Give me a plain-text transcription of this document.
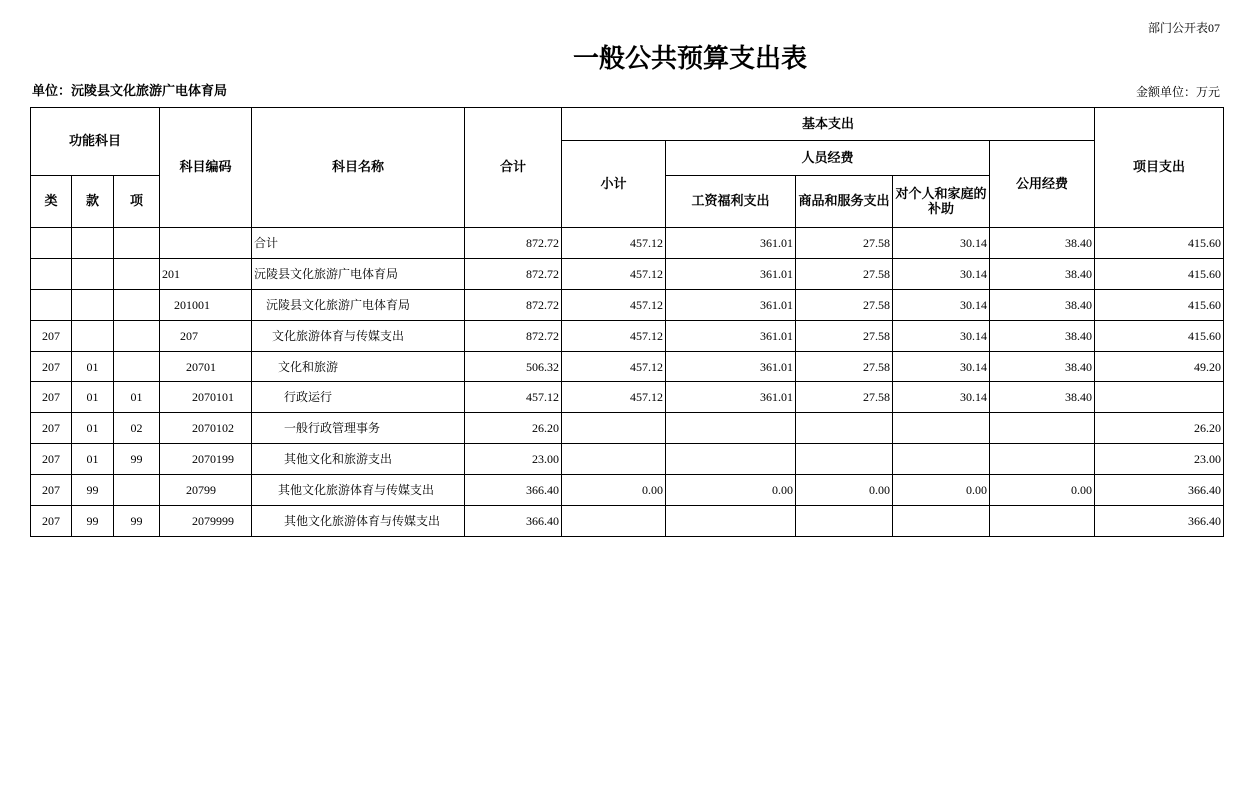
部门公开表07
一般公共预算支出表
单位：沅陵县文化旅游广电体育局	金额单位：万元
功能科目			科目编码	科目名称	合计	基本支出					项目支出
						小计	人员经费			公用经费	
类	款	项					工资福利支出	商品和服务支出	对个人和家庭的补助		
				合计	872.72	457.12	361.01	27.58	30.14	38.40	415.60
			201	沅陵县文化旅游广电体育局	872.72	457.12	361.01	27.58	30.14	38.40	415.60
			201001	沅陵县文化旅游广电体育局	872.72	457.12	361.01	27.58	30.14	38.40	415.60
207			207	文化旅游体育与传媒支出	872.72	457.12	361.01	27.58	30.14	38.40	415.60
207	01		20701	文化和旅游	506.32	457.12	361.01	27.58	30.14	38.40	49.20
207	01	01	2070101	行政运行	457.12	457.12	361.01	27.58	30.14	38.40	
207	01	02	2070102	一般行政管理事务	26.20						26.20
207	01	99	2070199	其他文化和旅游支出	23.00						23.00
207	99		20799	其他文化旅游体育与传媒支出	366.40	0.00	0.00	0.00	0.00	0.00	366.40
207	99	99	2079999	其他文化旅游体育与传媒支出	366.40						366.40
